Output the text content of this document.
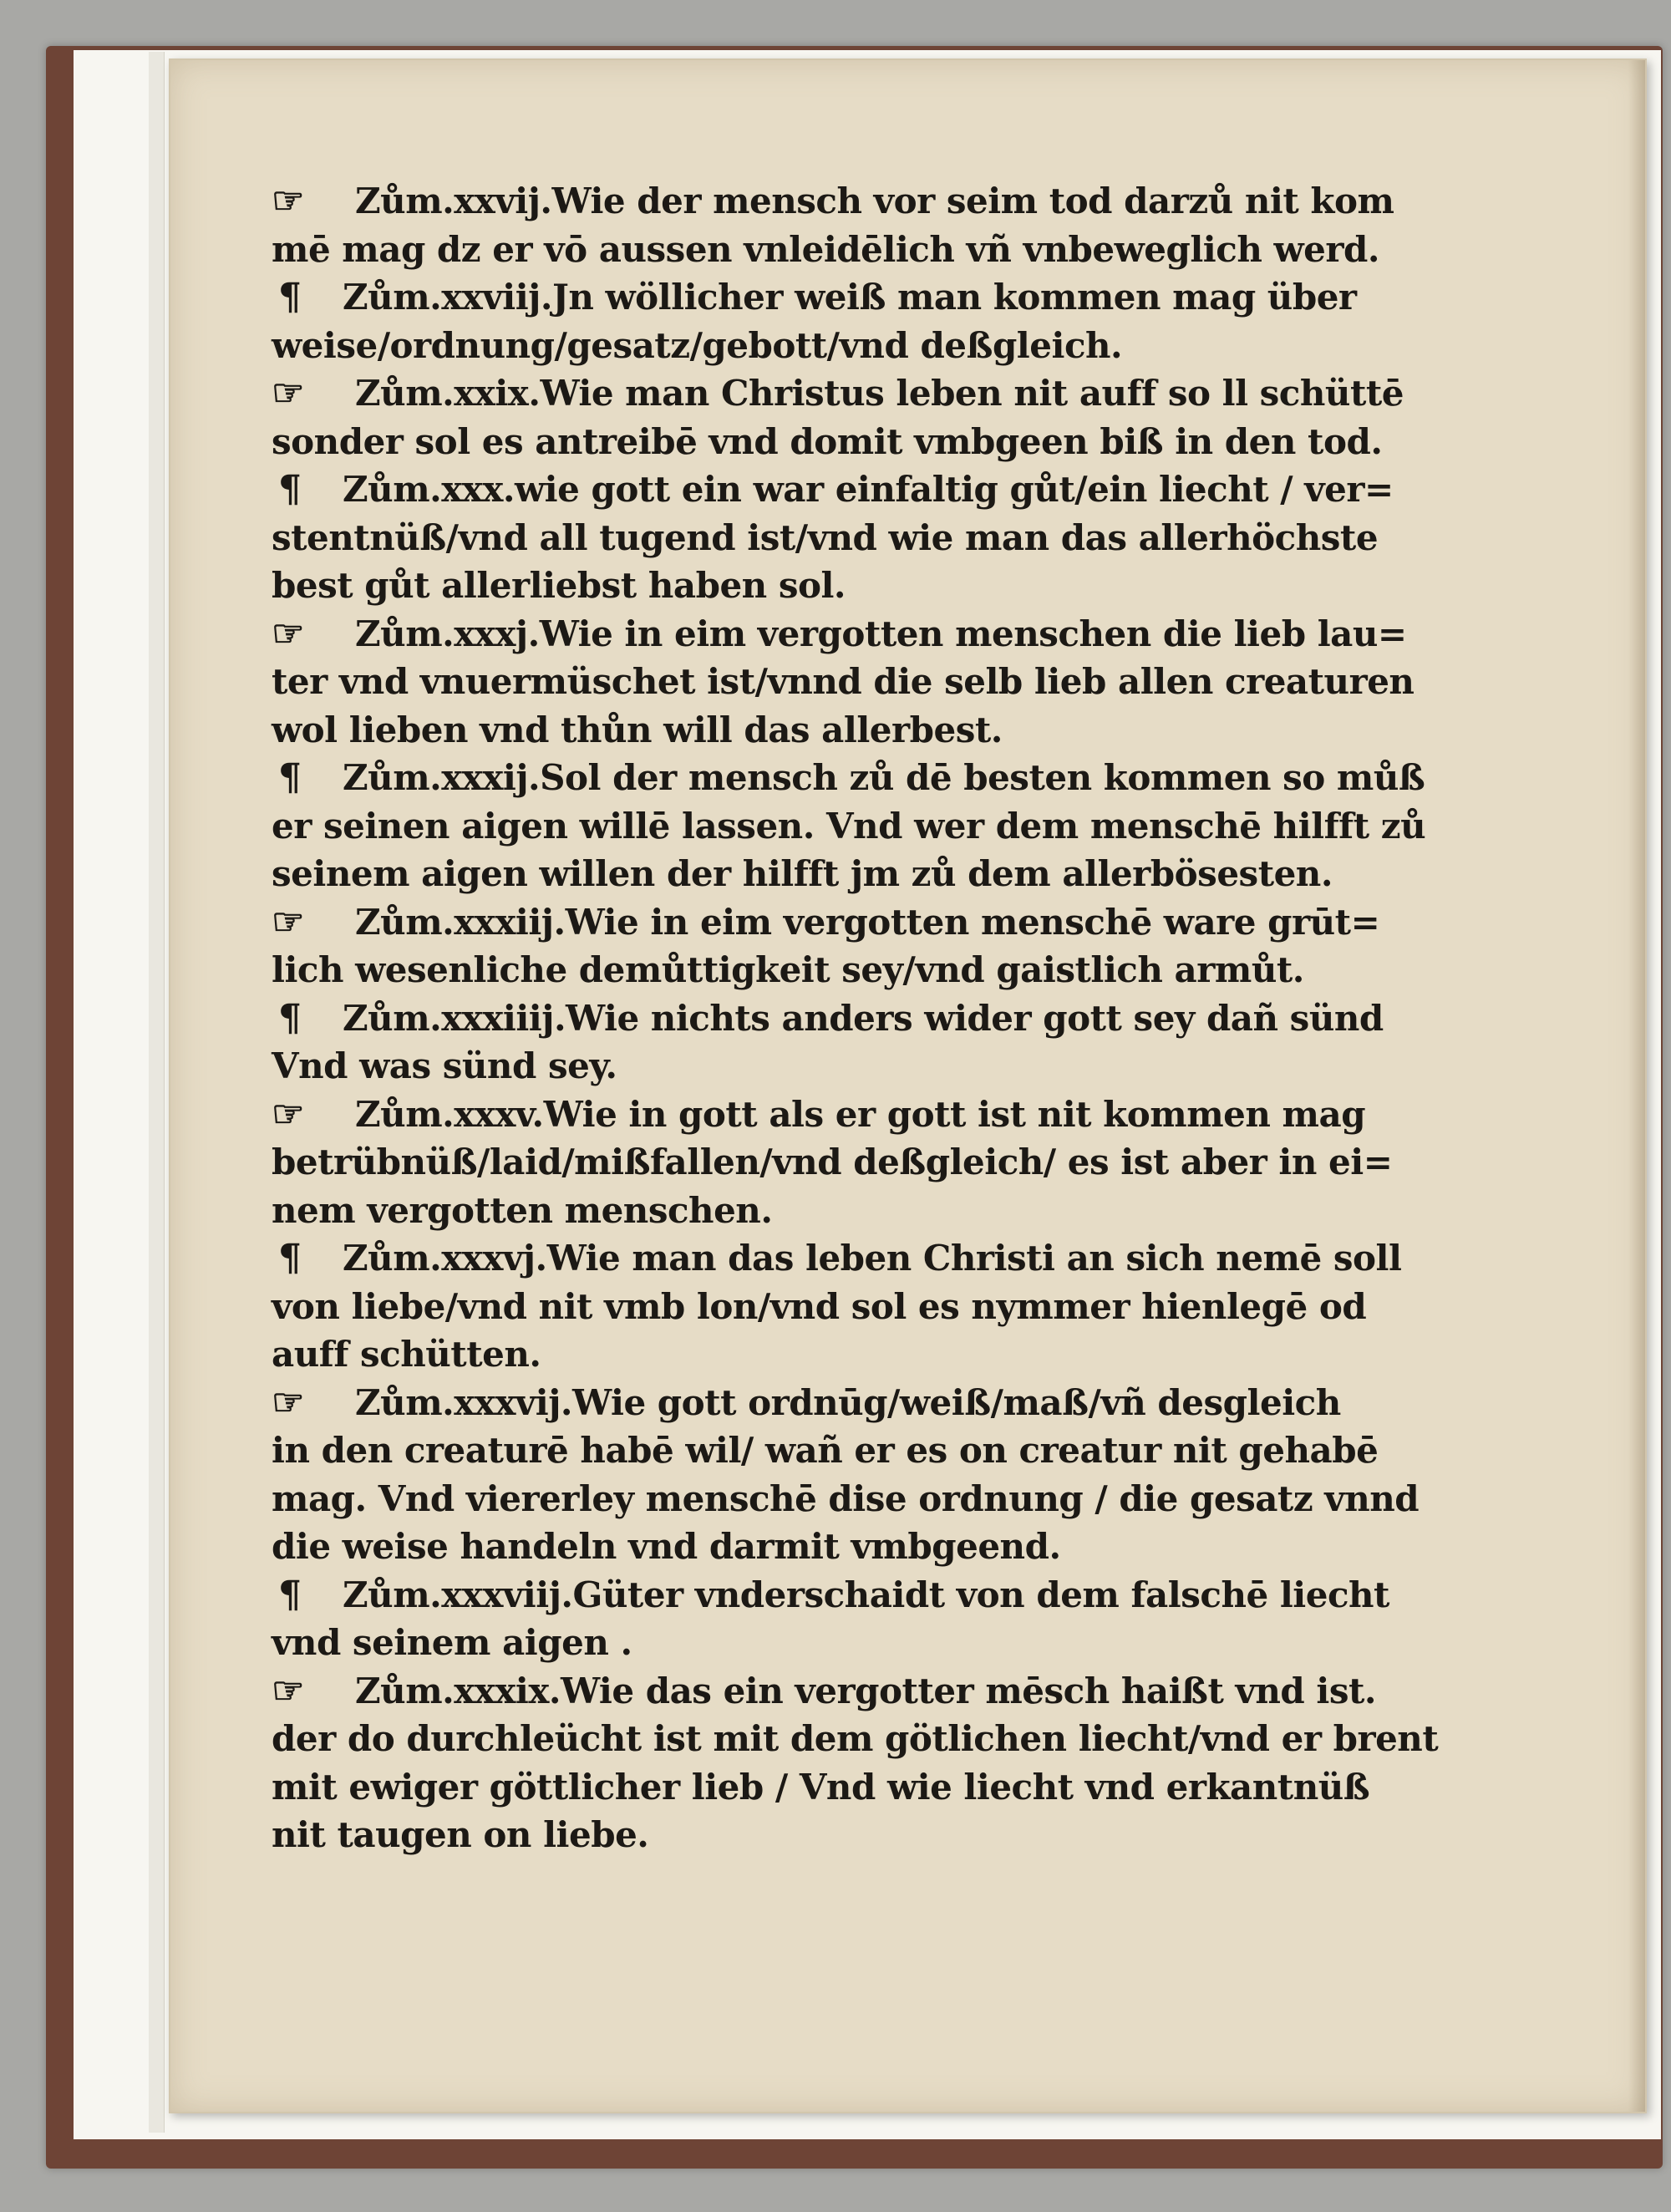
☞ Zům.xxvij.Wie der mensch vor seim tod darzů nit kom
mē mag dz er vō aussen vnleidēlich vñ vnbeweglich werd.
¶ Zům.xxviij.Jn wöllicher weiß man kommen mag über
weise/ordnung/gesatz/gebott/vnd deßgleich.
☞ Zům.xxix.Wie man Christus leben nit auff so ll schüttē
sonder sol es antreibē vnd domit vmbgeen biß in den tod.
¶ Zům.xxx.wie gott ein war einfaltig gůt/ein liecht / ver=
stentnüß/vnd all tugend ist/vnd wie man das allerhöchste
best gůt allerliebst haben sol.
☞ Zům.xxxj.Wie in eim vergotten menschen die lieb lau=
ter vnd vnuermüschet ist/vnnd die selb lieb allen creaturen
wol lieben vnd thůn will das allerbest.
¶ Zům.xxxij.Sol der mensch zů dē besten kommen so můß
er seinen aigen willē lassen. Vnd wer dem menschē hilfft zů
seinem aigen willen der hilfft jm zů dem allerbösesten.
☞ Zům.xxxiij.Wie in eim vergotten menschē ware grūt=
lich wesenliche demůttigkeit sey/vnd gaistlich armůt.
¶ Zům.xxxiiij.Wie nichts anders wider gott sey dañ sünd
Vnd was sünd sey.
☞ Zům.xxxv.Wie in gott als er gott ist nit kommen mag
betrübnüß/laid/mißfallen/vnd deßgleich/ es ist aber in ei=
nem vergotten menschen.
¶ Zům.xxxvj.Wie man das leben Christi an sich nemē soll
von liebe/vnd nit vmb lon/vnd sol es nymmer hienlegē od
auff schütten.
☞ Zům.xxxvij.Wie gott ordnūg/weiß/maß/vñ desgleich
in den creaturē habē wil/ wañ er es on creatur nit gehabē
mag. Vnd viererley menschē dise ordnung / die gesatz vnnd
die weise handeln vnd darmit vmbgeend.
¶ Zům.xxxviij.Güter vnderschaidt von dem falschē liecht
vnd seinem aigen .
☞ Zům.xxxix.Wie das ein vergotter mēsch haißt vnd ist.
der do durchleücht ist mit dem götlichen liecht/vnd er brent
mit ewiger göttlicher lieb / Vnd wie liecht vnd erkantnüß
nit taugen on liebe.
